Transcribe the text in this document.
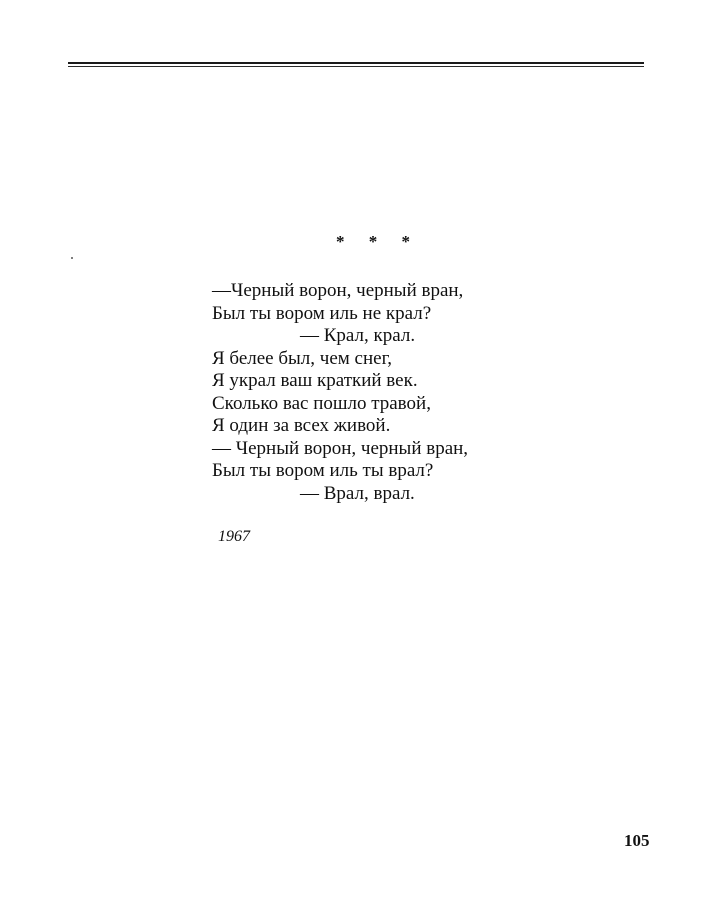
* * *
—Черный ворон, черный вран,
Был ты вором иль не крал?
— Крал, крал.
Я белее был, чем снег,
Я украл ваш краткий век.
Сколько вас пошло травой,
Я один за всех живой.
— Черный ворон, черный вран,
Был ты вором иль ты врал?
— Врал, врал.
1967
105
